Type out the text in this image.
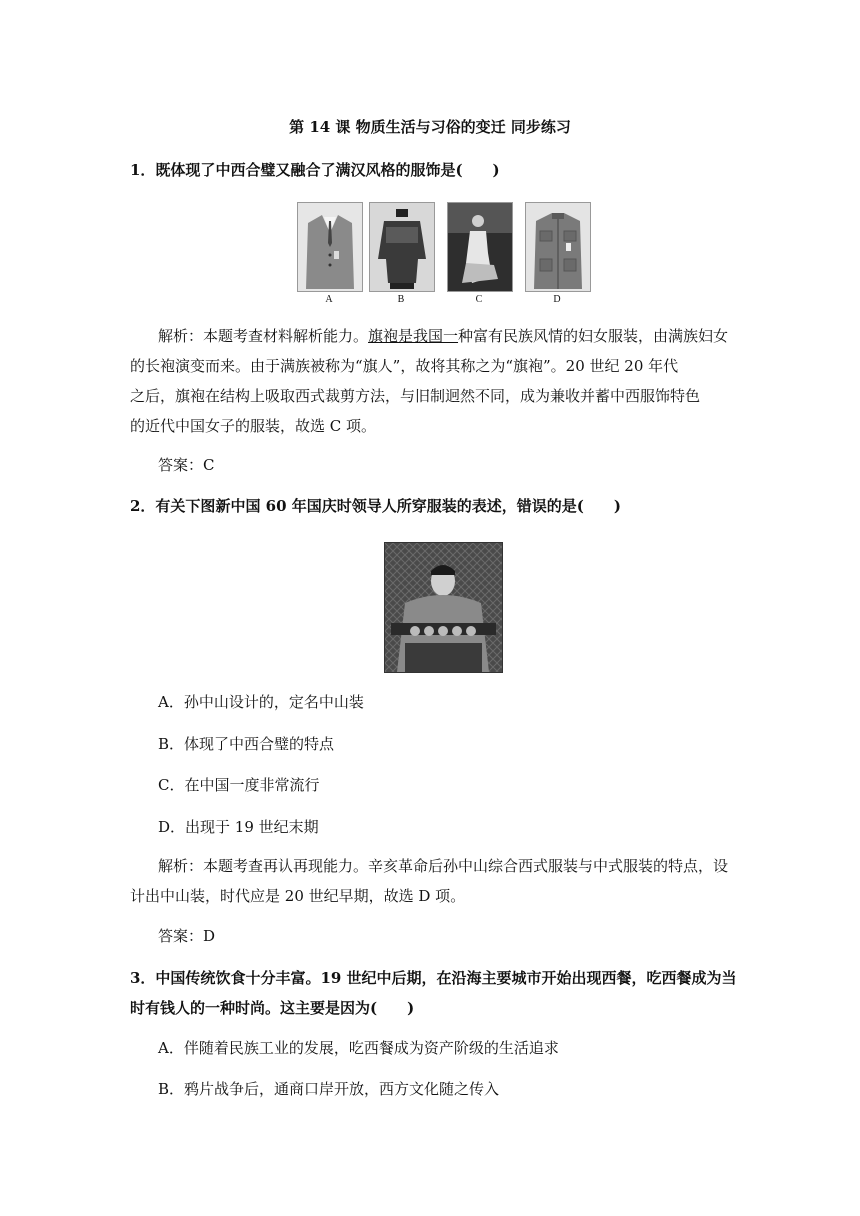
第 14 课 物质生活与习俗的变迁 同步练习
1．既体现了中西合璧又融合了满汉风格的服饰是(　　)
A	B	C	D
解析：本题考查材料解析能力。旗袍是我国一种富有民族风情的妇女服装，由满族妇女
的长袍演变而来。由于满族被称为“旗人”，故将其称之为“旗袍”。20 世纪 20 年代
之后，旗袍在结构上吸取西式裁剪方法，与旧制迥然不同，成为兼收并蓄中西服饰特色
的近代中国女子的服装，故选 C 项。
答案：C
2．有关下图新中国 60 年国庆时领导人所穿服装的表述，错误的是(　　)
A．孙中山设计的，定名中山装
B．体现了中西合璧的特点
C．在中国一度非常流行
D．出现于 19 世纪末期
解析：本题考查再认再现能力。辛亥革命后孙中山综合西式服装与中式服装的特点，设
计出中山装，时代应是 20 世纪早期，故选 D 项。
答案：D
3．中国传统饮食十分丰富。19 世纪中后期，在沿海主要城市开始出现西餐，吃西餐成为当
时有钱人的一种时尚。这主要是因为(　　)
A．伴随着民族工业的发展，吃西餐成为资产阶级的生活追求
B．鸦片战争后，通商口岸开放，西方文化随之传入
